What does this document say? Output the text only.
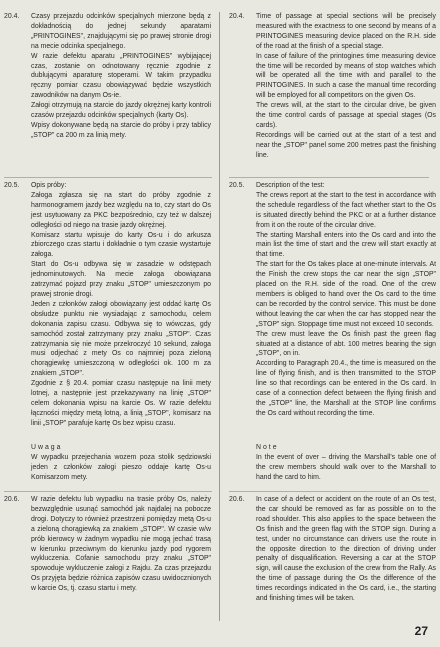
20.4. Czasy przejazdu odcinków specjalnych mierzone będą z dokładnością do jednej sekundy aparatami „PRINTOGINES", znajdującymi się po prawej stronie drogi na mecie odcinka specjalnego.

W razie defektu aparatu „PRINTOGINES" wybijającej czas, zostanie on odnotowany ręcznie zgodnie z dublującymi aparaturę stoperami. W takim przypadku ręczny pomiar czasu obowiązywać będzie wszystkich zawodników na danym Os-ie.

Załogi otrzymują na starcie do jazdy okrężnej karty kontroli czasów przejazdu odcinków specjalnych (karty Os).

Wpisy dokonywane będą na starcie do próby i przy tablicy „STOP" ca 200 m za linią mety.

20.4. Time of passage at special sections will be precisely measured with the exactness to one second by means of a PRINTOGINES measuring device placed on the R.H. side of the road at the finish of a special stage.

In case of failure of the printogines time measuring device the time will be recorded by means of stop watches which will be operated all the time with and parallel to the PRINTOGINES. In such a case the manual time recording will be employed for all competitors on the given Os.

The crews will, at the start to the circular drive, be given the time control cards of passage at special stages (Os cards).

Recordings will be carried out at the start of a test and near the „STOP" panel some 200 metres past the finishing line.

20.5. Opis próby:

Załoga zgłasza się na start do próby zgodnie z harmonogramem jazdy bez względu na to, czy start do Os jest usytuowany za PKC bezpośrednio, czy też w dalszej odległości od niego na trasie jazdy okrężnej.

Komisarz startu wpisuje do karty Os-u i do arkusza zbiorczego czas startu i dokładnie o tym czasie wystartuje załoga.

Start do Os-u odbywa się w zasadzie w odstępach jednominutowych. Na mecie załoga obowiązana zatrzymać pojazd przy znaku „STOP" umieszczonym po prawej stronie drogi.

Jeden z członków załogi obowiązany jest oddać kartę Os obsłudze punktu nie wysiadając z samochodu, celem dokonania zapisu czasu. Odbywa się to wówczas, gdy samochód został zatrzymany przy znaku „STOP". Czas zatrzymania się nie może przekroczyć 10 sekund, załoga musi odjechać z mety Os co najmniej poza zieloną chorągiewkę umieszczoną w odległości ok. 100 m za znakiem „STOP".

Zgodnie z § 20.4. pomiar czasu następuje na linii mety lotnej, a następnie jest przekazywany na linię „STOP" celem dokonania wpisu na karcie Os. W razie defektu łączności między metą lotną, a linią „STOP", komisarz na linii „STOP" parafuje kartę Os bez wpisu czasu.

20.5. Description of the test:

The crews report at the start to the test in accordance with the schedule regardless of the fact whether start to the Os is situated directly behind the PKC or at a further distance from it on the route of the circular drive.

The starting Marshall enters into the Os card and into the main list the time of start and the crew will start exactly at that time.

The start for the Os takes place at one-minute intervals. At the Finish the crew stops the car near the sign „STOP" placed on the R.H. side of the road. One of the crew members is obliged to hand over the Os card to the time can be recorded by the control service. This must be done without leaving the car when the car has stopped near the „STOP" sign. Stoppage time must not exceed 10 seconds.

The crew must leave the Os finish past the green flag situated at a distance of abt. 100 metres bearing the sign „STOP", on in.

According to Paragraph 20.4., the time is measured on the line of flying finish, and is then transmitted to the STOP line so that recordings can be entered in the Os card. In case of a connection defect between the flying finish and the „STOP" line, the Marshall at the STOP line confirms the Os card without recording the time.

Uwaga

W wypadku przejechania wozem poza stolik sędziowski jeden z członków załogi pieszo oddaje kartę Os-u Komisarzom mety.

Note

In the event of over – driving the Marshall's table one of the crew members should walk over to the Marshall to hand the card to him.

20.6. W razie defektu lub wypadku na trasie próby Os, należy bezwzględnie usunąć samochód jak najdalej na pobocze drogi. Dotyczy to również przestrzeni pomiędzy metą Os-u a zieloną chorągiewką za znakiem „STOP". W czasie w/w prób kierowcy w żadnym wypadku nie mogą jechać trasą w kierunku przeciwnym do kierunku jazdy pod rygorem wykluczenia. Cofanie samochodu przy znaku „STOP" spowoduje wykluczenie załogi z Rajdu. Za czas przejazdu Os przyjęta będzie różnica zapisów czasu uwidocznionych w karcie Os, tj. czasu startu i mety.

20.6. In case of a defect or accident on the route of an Os test, the car should be removed as far as possible on to the road shoulder. This also applies to the space between the Os finish and the green flag with the STOP sign. During a test, under no circumstance can drivers use the route in the opposite direction to the direction of driving under penalty of disqualification. Reversing a car at the STOP sign, will cause the exclusion of the crew from the Rally. As the time of passage during the Os the difference of the times recordings indicated in the Os card, i.e., the starting and finishing times will be taken.

27
